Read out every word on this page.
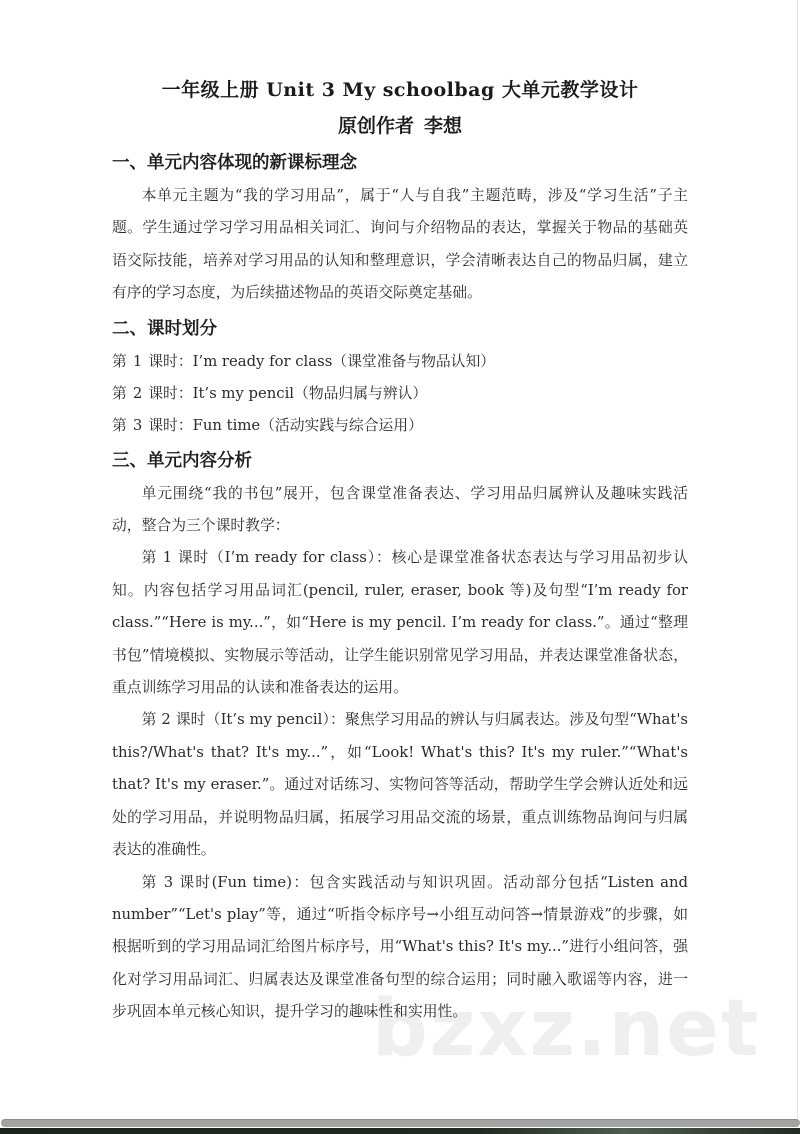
bzxz.net

一年级上册 Unit 3 My schoolbag 大单元教学设计

原创作者 李想

一、单元内容体现的新课标理念

本单元主题为“我的学习用品”，属于“人与自我”主题范畴，涉及“学习生活”子主题。学生通过学习学习用品相关词汇、询问与介绍物品的表达，掌握关于物品的基础英语交际技能，培养对学习用品的认知和整理意识，学会清晰表达自己的物品归属，建立有序的学习态度，为后续描述物品的英语交际奠定基础。

二、课时划分

第 1 课时：I’m ready for class（课堂准备与物品认知）

第 2 课时：It’s my pencil（物品归属与辨认）

第 3 课时：Fun time（活动实践与综合运用）

三、单元内容分析

单元围绕“我的书包”展开，包含课堂准备表达、学习用品归属辨认及趣味实践活动，整合为三个课时教学：

第 1 课时（I’m ready for class）：核心是课堂准备状态表达与学习用品初步认知。内容包括学习用品词汇(pencil, ruler, eraser, book 等)及句型“I’m ready for class.”“Here is my...”，如“Here is my pencil. I’m ready for class.”。通过“整理书包”情境模拟、实物展示等活动，让学生能识别常见学习用品，并表达课堂准备状态，重点训练学习用品的认读和准备表达的运用。

第 2 课时（It’s my pencil）：聚焦学习用品的辨认与归属表达。涉及句型“What's this?/What's that? It's my...”，如“Look! What's this? It's my ruler.”“What's that? It's my eraser.”。通过对话练习、实物问答等活动，帮助学生学会辨认近处和远处的学习用品，并说明物品归属，拓展学习用品交流的场景，重点训练物品询问与归属表达的准确性。

第 3 课时(Fun time)：包含实践活动与知识巩固。活动部分包括“Listen and number”“Let's play”等，通过“听指令标序号→小组互动问答→情景游戏”的步骤，如根据听到的学习用品词汇给图片标序号，用“What's this? It's my...”进行小组问答，强化对学习用品词汇、归属表达及课堂准备句型的综合运用；同时融入歌谣等内容，进一步巩固本单元核心知识，提升学习的趣味性和实用性。
